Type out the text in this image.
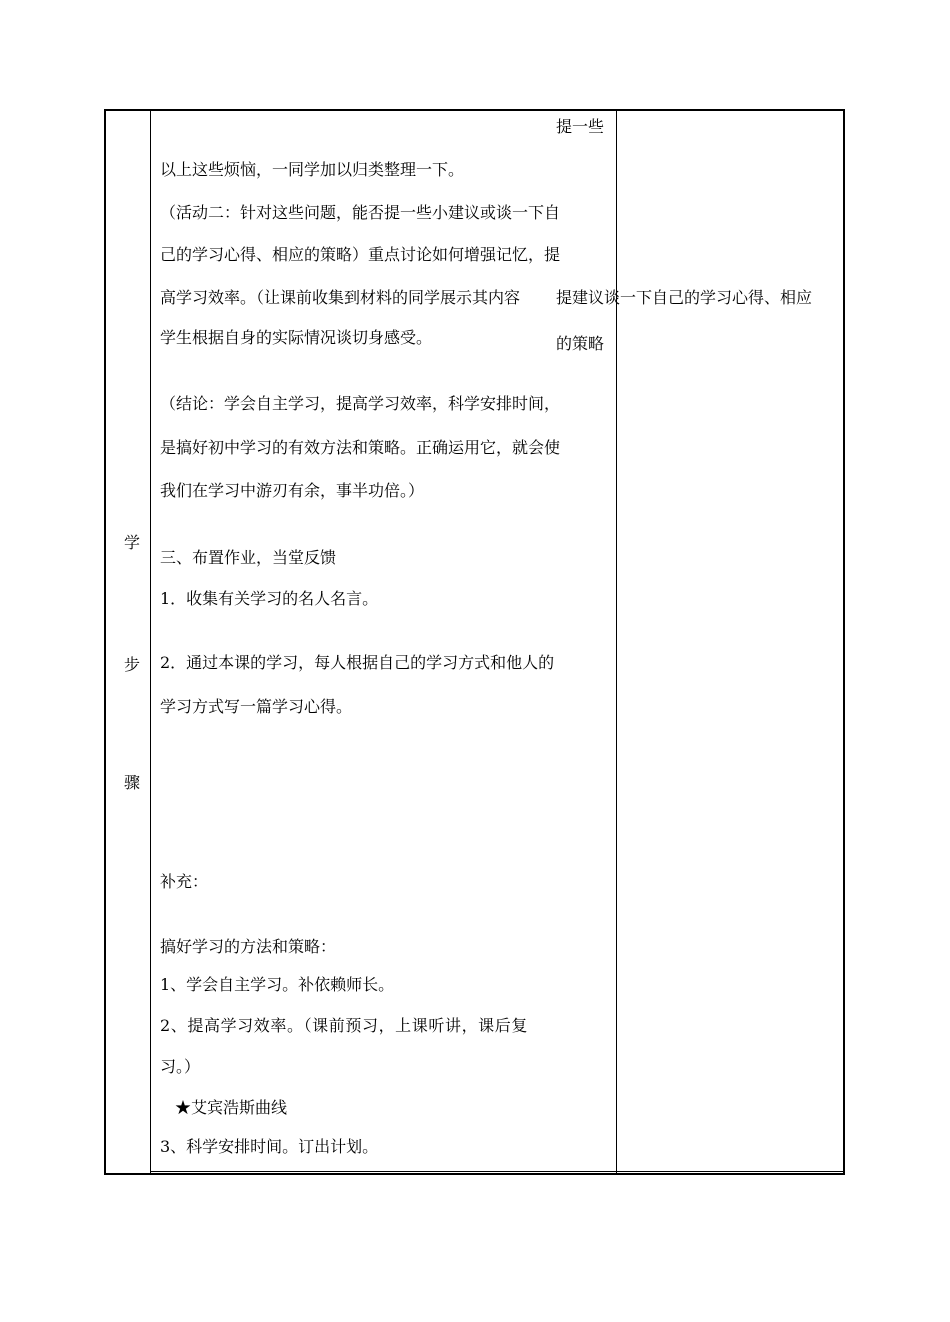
学
步
骤
提一些
以上这些烦恼，一同学加以归类整理一下。
（活动二：针对这些问题，能否提一些小建议或谈一下自
己的学习心得、相应的策略）重点讨论如何增强记忆，提
高学习效率。（让课前收集到材料的同学展示其内容
学生根据自身的实际情况谈切身感受。
（结论：学会自主学习，提高学习效率，科学安排时间，
是搞好初中学习的有效方法和策略。正确运用它，就会使
我们在学习中游刃有余，事半功倍。）
三、布置作业，当堂反馈
1．收集有关学习的名人名言。
2．通过本课的学习，每人根据自己的学习方式和他人的
学习方式写一篇学习心得。
补充：
搞好学习的方法和策略：
1、学会自主学习。补依赖师长。
2、提高学习效率。（课前预习，上课听讲，课后复
习。）
★艾宾浩斯曲线
3、科学安排时间。订出计划。
提建议谈一下自己的学习心得、相应
的策略
